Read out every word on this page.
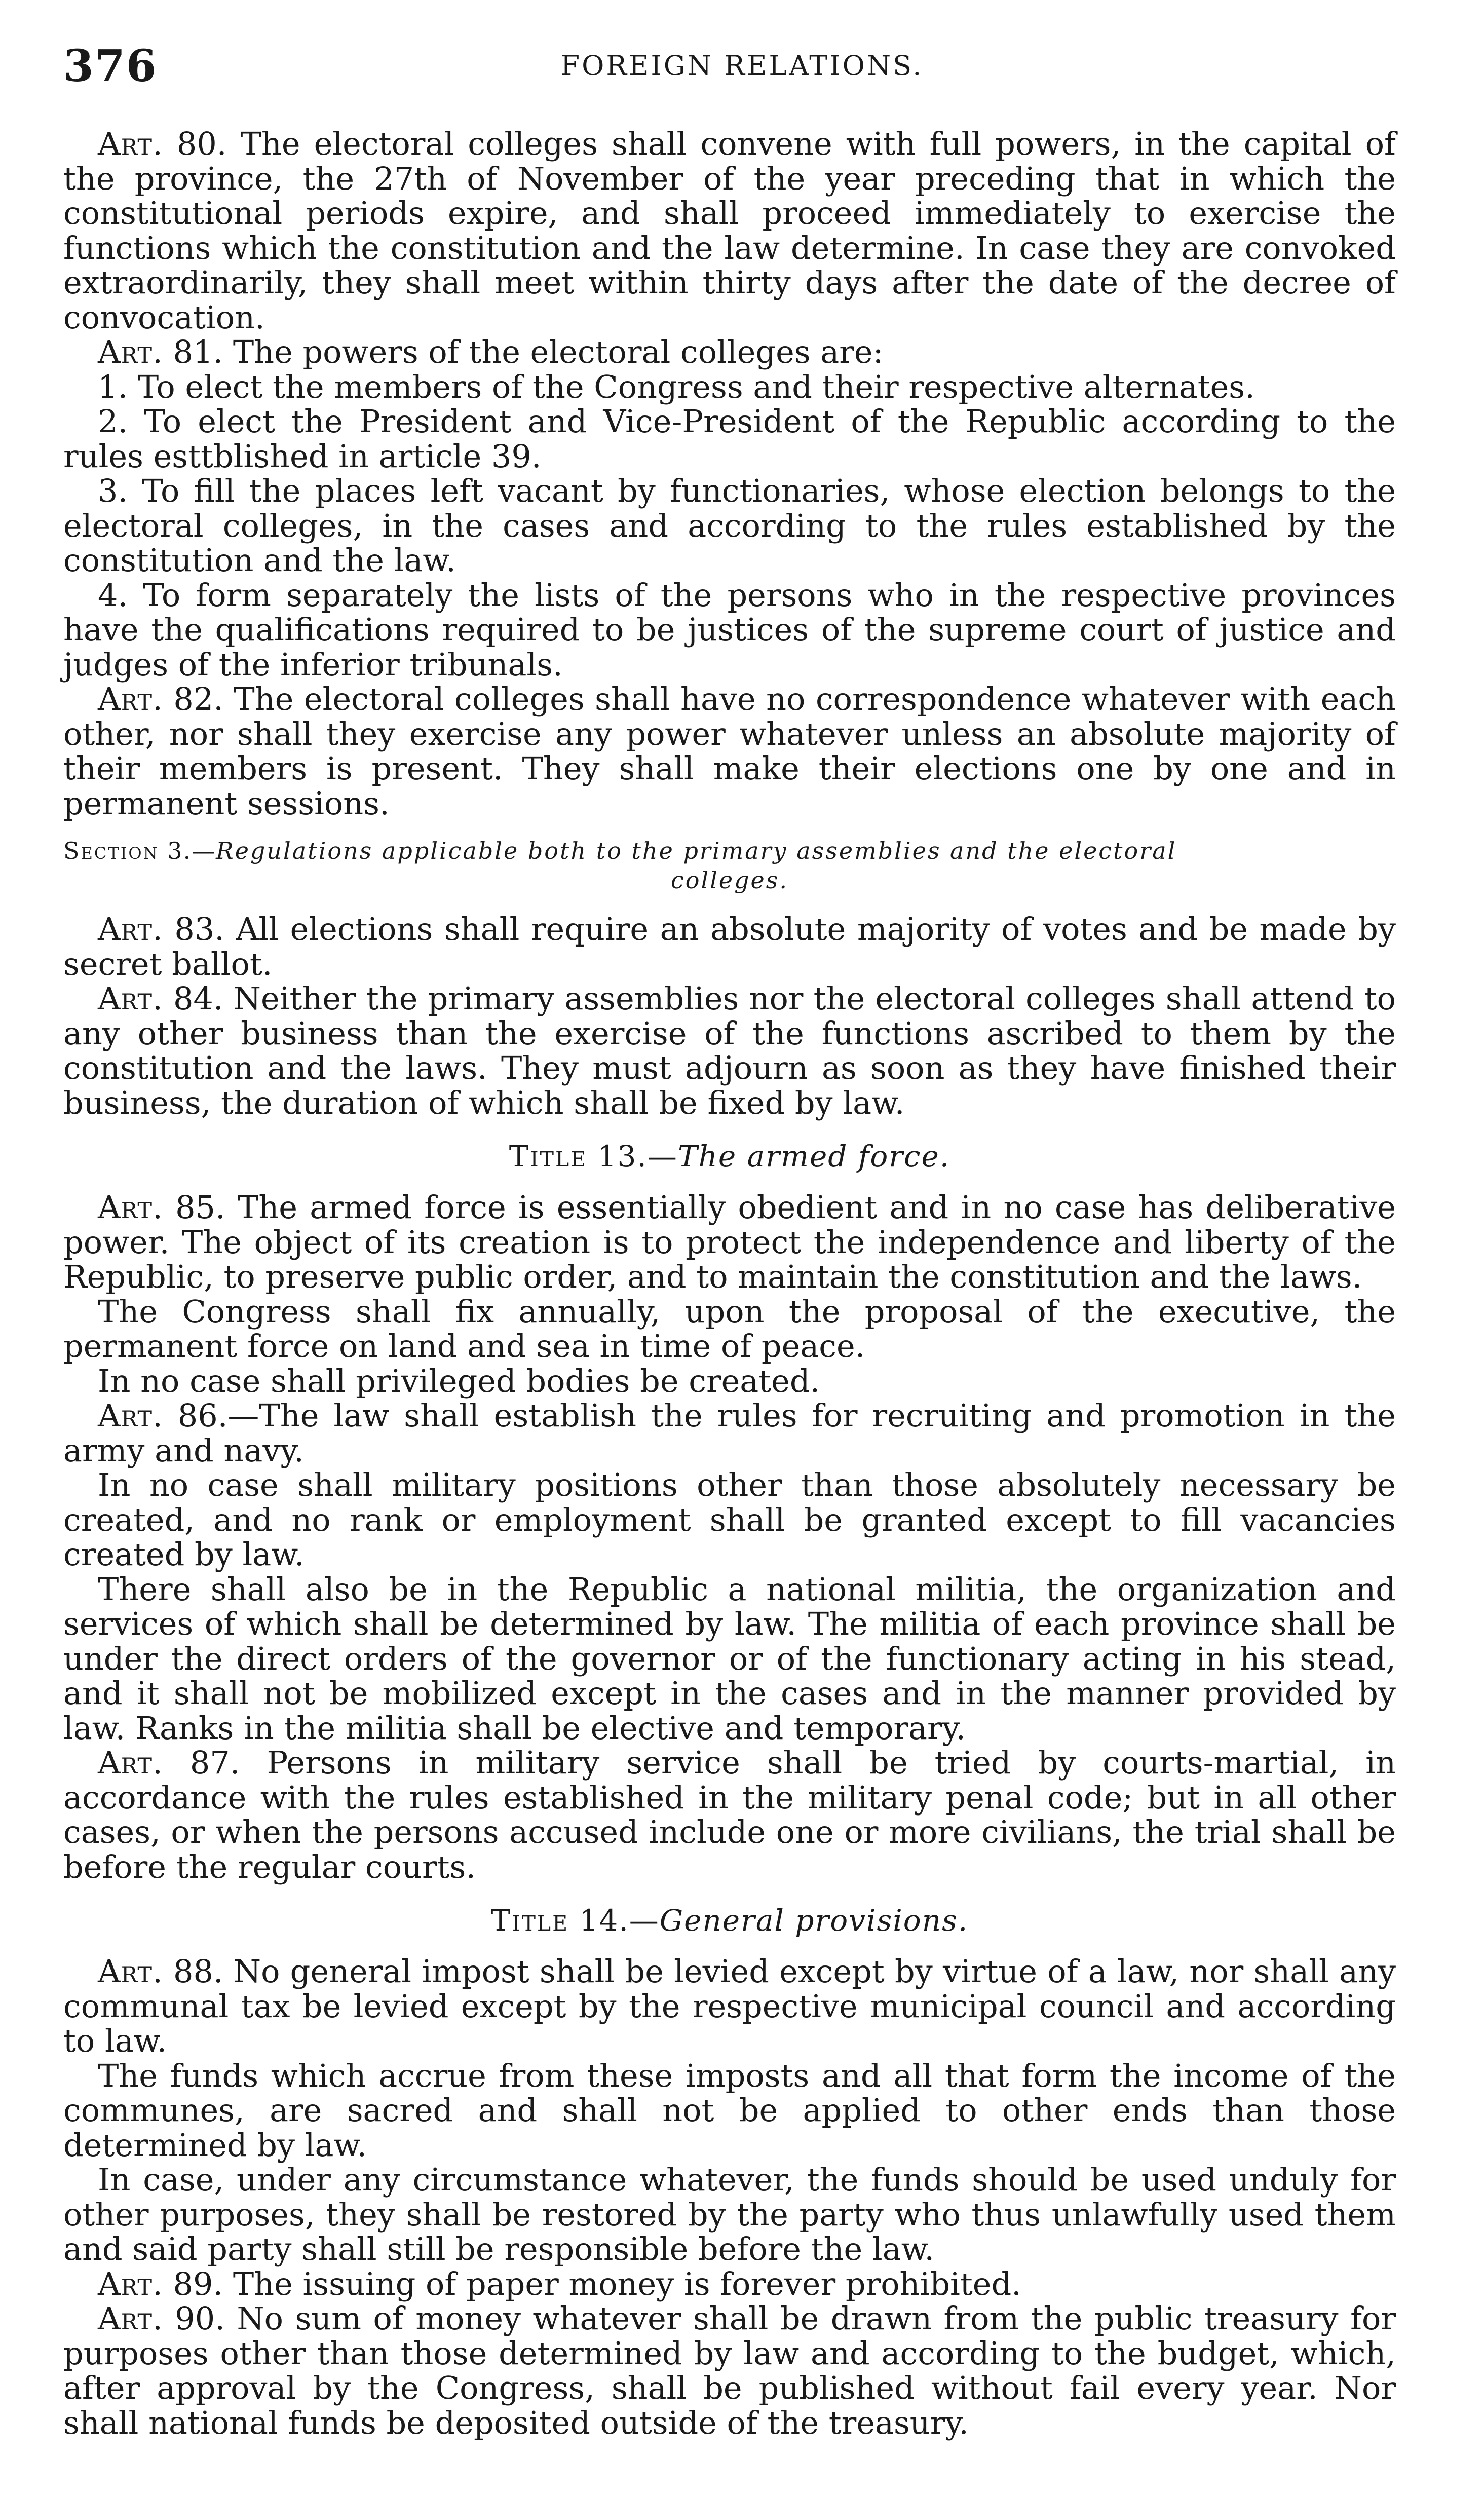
376	FOREIGN RELATIONS.

Art. 80. The electoral colleges shall convene with full powers, in the capital of the province, the 27th of November of the year preceding that in which the constitutional periods expire, and shall proceed immediately to exercise the functions which the constitution and the law determine. In case they are convoked extraordinarily, they shall meet within thirty days after the date of the decree of convocation.

Art. 81. The powers of the electoral colleges are:

1. To elect the members of the Congress and their respective alternates.

2. To elect the President and Vice-President of the Republic according to the rules esttblished in article 39.

3. To fill the places left vacant by functionaries, whose election belongs to the electoral colleges, in the cases and according to the rules established by the constitution and the law.

4. To form separately the lists of the persons who in the respective provinces have the qualifications required to be justices of the supreme court of justice and judges of the inferior tribunals.

Art. 82. The electoral colleges shall have no correspondence whatever with each other, nor shall they exercise any power whatever unless an absolute majority of their members is present. They shall make their elections one by one and in permanent sessions.

Section 3.—Regulations applicable both to the primary assemblies and the electoral
colleges.

Art. 83. All elections shall require an absolute majority of votes and be made by secret ballot.

Art. 84. Neither the primary assemblies nor the electoral colleges shall attend to any other business than the exercise of the functions ascribed to them by the constitution and the laws. They must adjourn as soon as they have finished their business, the duration of which shall be fixed by law.

Title 13.—The armed force.

Art. 85. The armed force is essentially obedient and in no case has deliberative power. The object of its creation is to protect the independence and liberty of the Republic, to preserve public order, and to maintain the constitution and the laws.

The Congress shall fix annually, upon the proposal of the executive, the permanent force on land and sea in time of peace.

In no case shall privileged bodies be created.

Art. 86.—The law shall establish the rules for recruiting and promotion in the army and navy.

In no case shall military positions other than those absolutely necessary be created, and no rank or employment shall be granted except to fill vacancies created by law.

There shall also be in the Republic a national militia, the organization and services of which shall be determined by law. The militia of each province shall be under the direct orders of the governor or of the functionary acting in his stead, and it shall not be mobilized except in the cases and in the manner provided by law. Ranks in the militia shall be elective and temporary.

Art. 87. Persons in military service shall be tried by courts-martial, in accordance with the rules established in the military penal code; but in all other cases, or when the persons accused include one or more civilians, the trial shall be before the regular courts.

Title 14.—General provisions.

Art. 88. No general impost shall be levied except by virtue of a law, nor shall any communal tax be levied except by the respective municipal council and according to law.

The funds which accrue from these imposts and all that form the income of the communes, are sacred and shall not be applied to other ends than those determined by law.

In case, under any circumstance whatever, the funds should be used unduly for other purposes, they shall be restored by the party who thus unlawfully used them and said party shall still be responsible before the law.

Art. 89. The issuing of paper money is forever prohibited.

Art. 90. No sum of money whatever shall be drawn from the public treasury for purposes other than those determined by law and according to the budget, which, after approval by the Congress, shall be published without fail every year. Nor shall national funds be deposited outside of the treasury.
